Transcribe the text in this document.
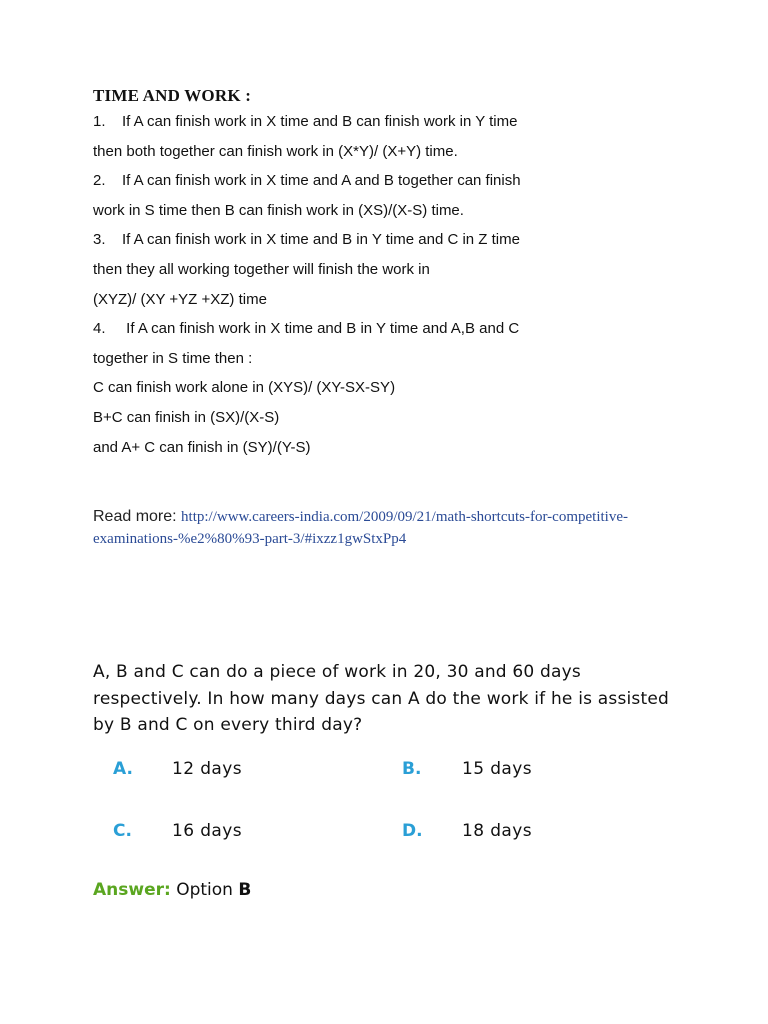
TIME AND WORK :
1. If A can finish work in X time and B can finish work in Y time
then both together can finish work in (X*Y)/ (X+Y) time.
2. If A can finish work in X time and A and B together can finish
work in S time then B can finish work in (XS)/(X-S) time.
3. If A can finish work in X time and B in Y time and C in Z time
then they all working together will finish the work in
(XYZ)/ (XY +YZ +XZ) time
4. If A can finish work in X time and B in Y time and A,B and C
together in S time then :
C can finish work alone in (XYS)/ (XY-SX-SY)
B+C can finish in (SX)/(X-S)
and A+ C can finish in (SY)/(Y-S)
Read more: http://www.careers-india.com/2009/09/21/math-shortcuts-for-competitive-examinations-%e2%80%93-part-3/#ixzz1gwStxPp4
A, B and C can do a piece of work in 20, 30 and 60 days respectively. In how many days can A do the work if he is assisted by B and C on every third day?
A. 12 days	B. 15 days
C. 16 days	D. 18 days
Answer: Option B
